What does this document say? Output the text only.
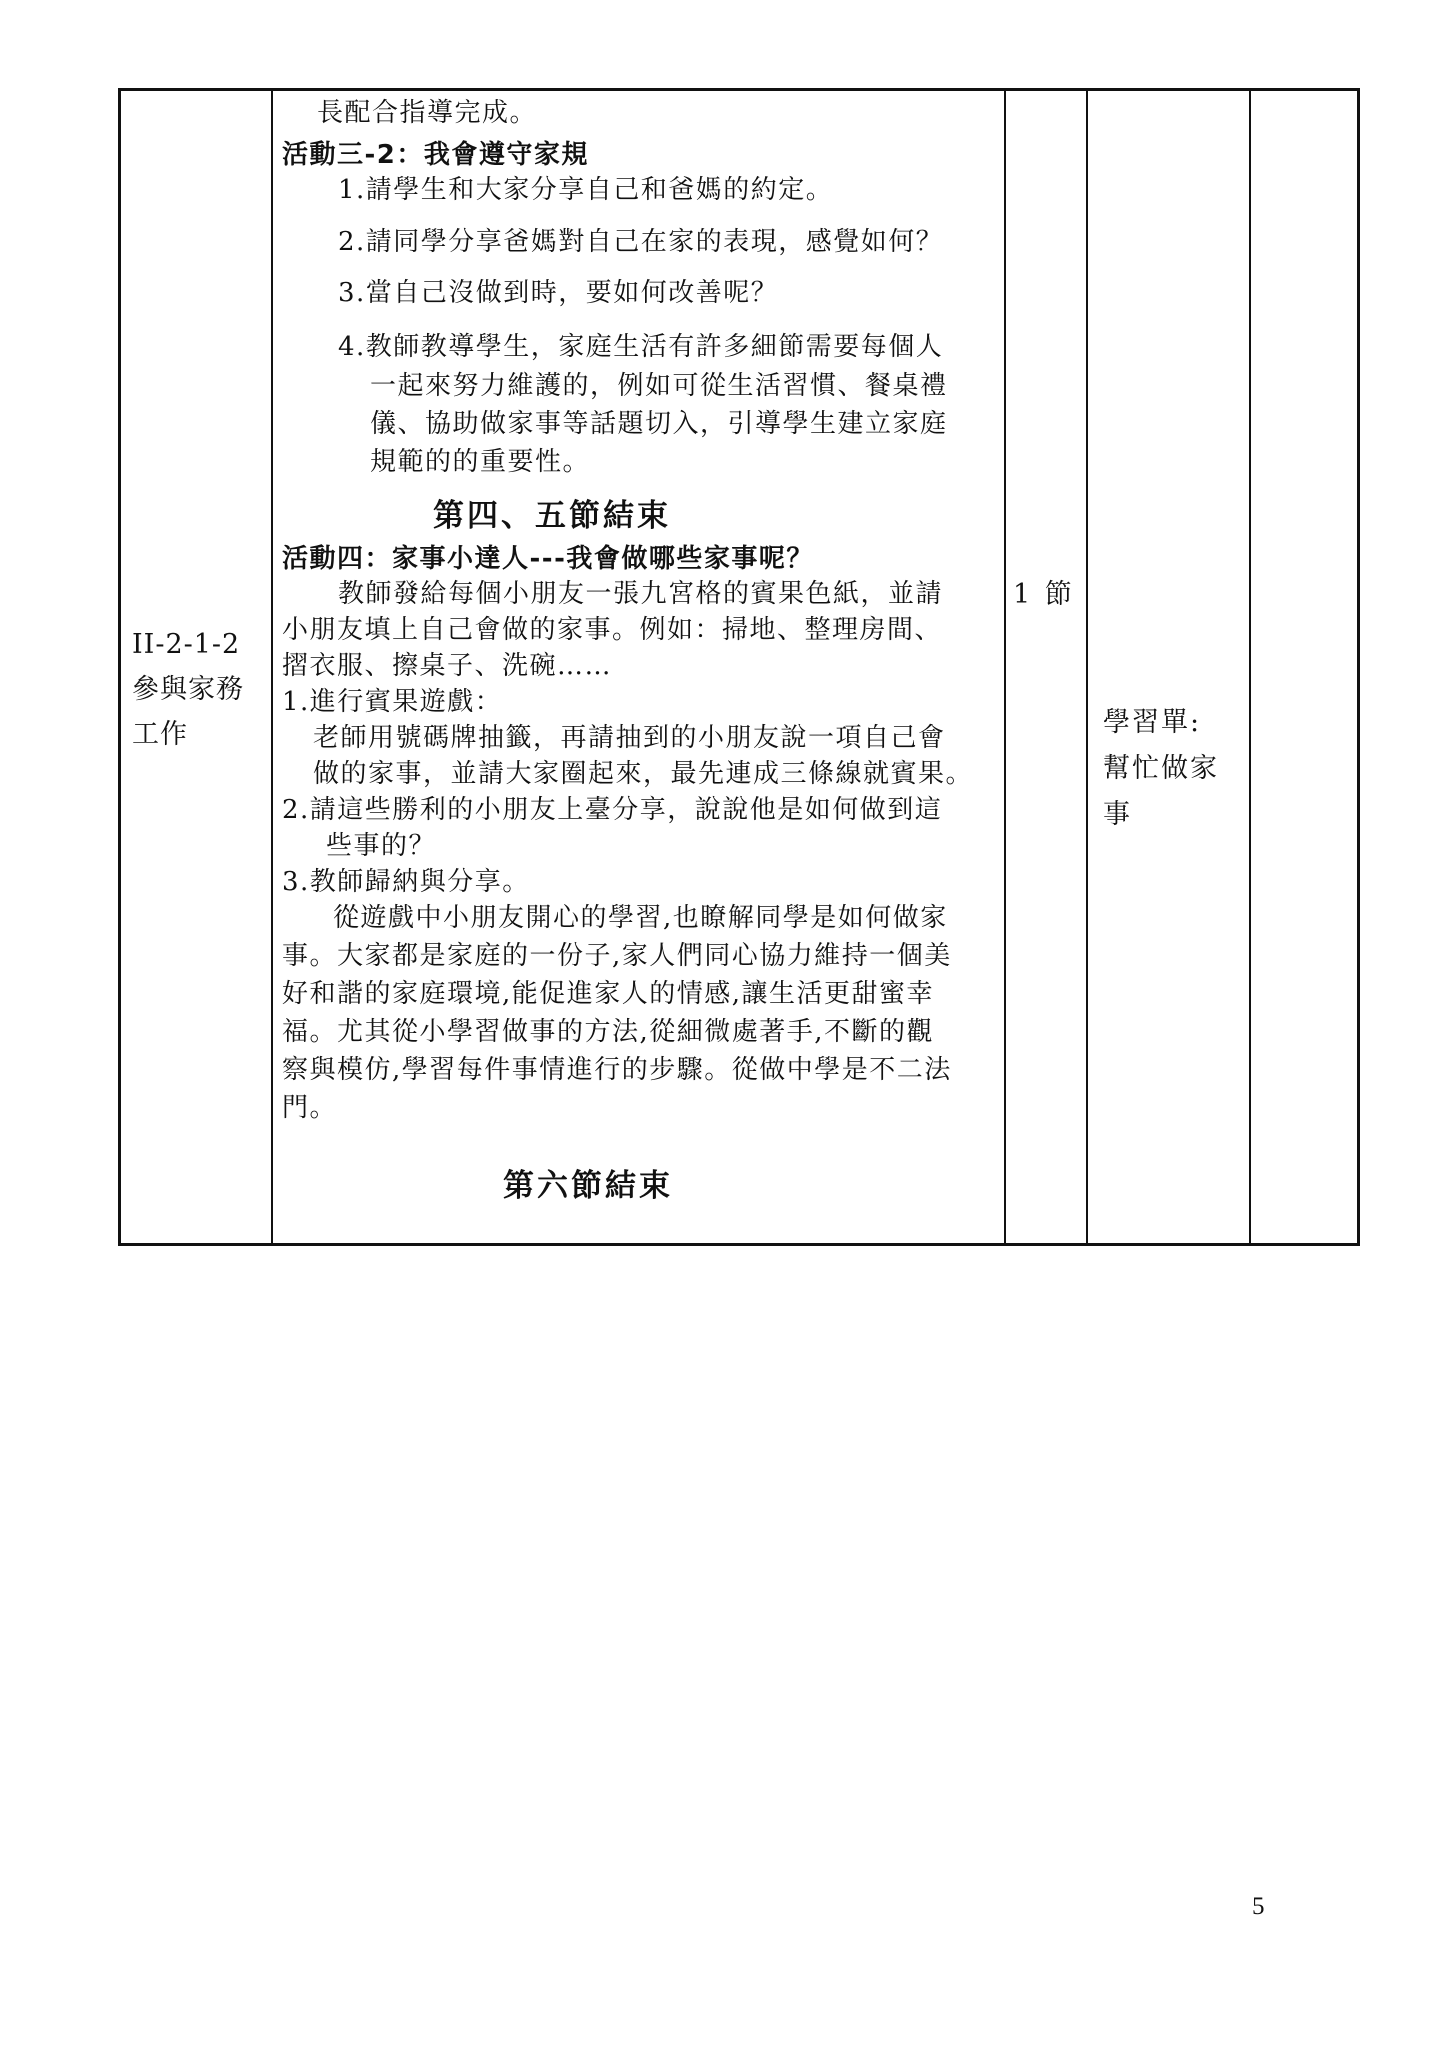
II-2-1-2
參與家務
工作
長配合指導完成。
活動三-2：我會遵守家規
1.請學生和大家分享自己和爸媽的約定。
2.請同學分享爸媽對自己在家的表現，感覺如何？
3.當自己沒做到時，要如何改善呢？
4.教師教導學生，家庭生活有許多細節需要每個人
一起來努力維護的，例如可從生活習慣、餐桌禮
儀、協助做家事等話題切入，引導學生建立家庭
規範的的重要性。
第四、五節結束
活動四：家事小達人---我會做哪些家事呢？
教師發給每個小朋友一張九宮格的賓果色紙，並請
小朋友填上自己會做的家事。例如：掃地、整理房間、
摺衣服、擦桌子、洗碗……
1.進行賓果遊戲：
老師用號碼牌抽籤，再請抽到的小朋友說一項自己會
做的家事，並請大家圈起來，最先連成三條線就賓果。
2.請這些勝利的小朋友上臺分享，說說他是如何做到這
些事的？
3.教師歸納與分享。
從遊戲中小朋友開心的學習,也瞭解同學是如何做家
事。大家都是家庭的一份子,家人們同心協力維持一個美
好和諧的家庭環境,能促進家人的情感,讓生活更甜蜜幸
福。尤其從小學習做事的方法,從細微處著手,不斷的觀
察與模仿,學習每件事情進行的步驟。從做中學是不二法
門。
第六節結束
1 節
學習單:
幫忙做家
事
5
